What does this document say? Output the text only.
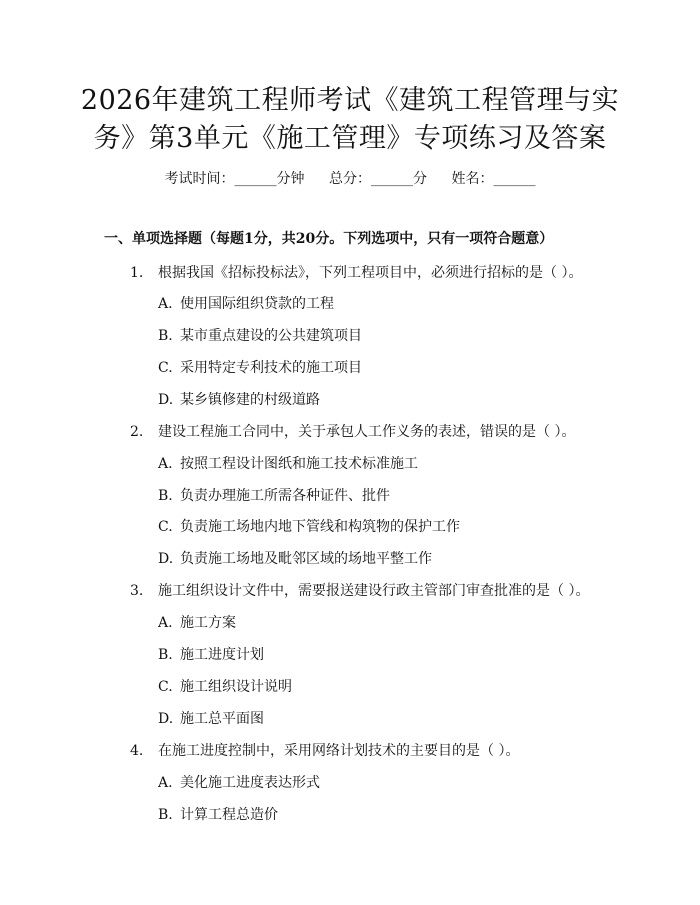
2026年建筑工程师考试《建筑工程管理与实
务》第3单元《施工管理》专项练习及答案
考试时间：______分钟 总分：______分 姓名：______
一、单项选择题（每题1分，共20分。下列选项中，只有一项符合题意）
1. 根据我国《招标投标法》，下列工程项目中，必须进行招标的是（ ）。
A. 使用国际组织贷款的工程
B. 某市重点建设的公共建筑项目
C. 采用特定专利技术的施工项目
D. 某乡镇修建的村级道路
2. 建设工程施工合同中，关于承包人工作义务的表述，错误的是（ ）。
A. 按照工程设计图纸和施工技术标准施工
B. 负责办理施工所需各种证件、批件
C. 负责施工场地内地下管线和构筑物的保护工作
D. 负责施工场地及毗邻区域的场地平整工作
3. 施工组织设计文件中，需要报送建设行政主管部门审查批准的是（ ）。
A. 施工方案
B. 施工进度计划
C. 施工组织设计说明
D. 施工总平面图
4. 在施工进度控制中，采用网络计划技术的主要目的是（ ）。
A. 美化施工进度表达形式
B. 计算工程总造价
